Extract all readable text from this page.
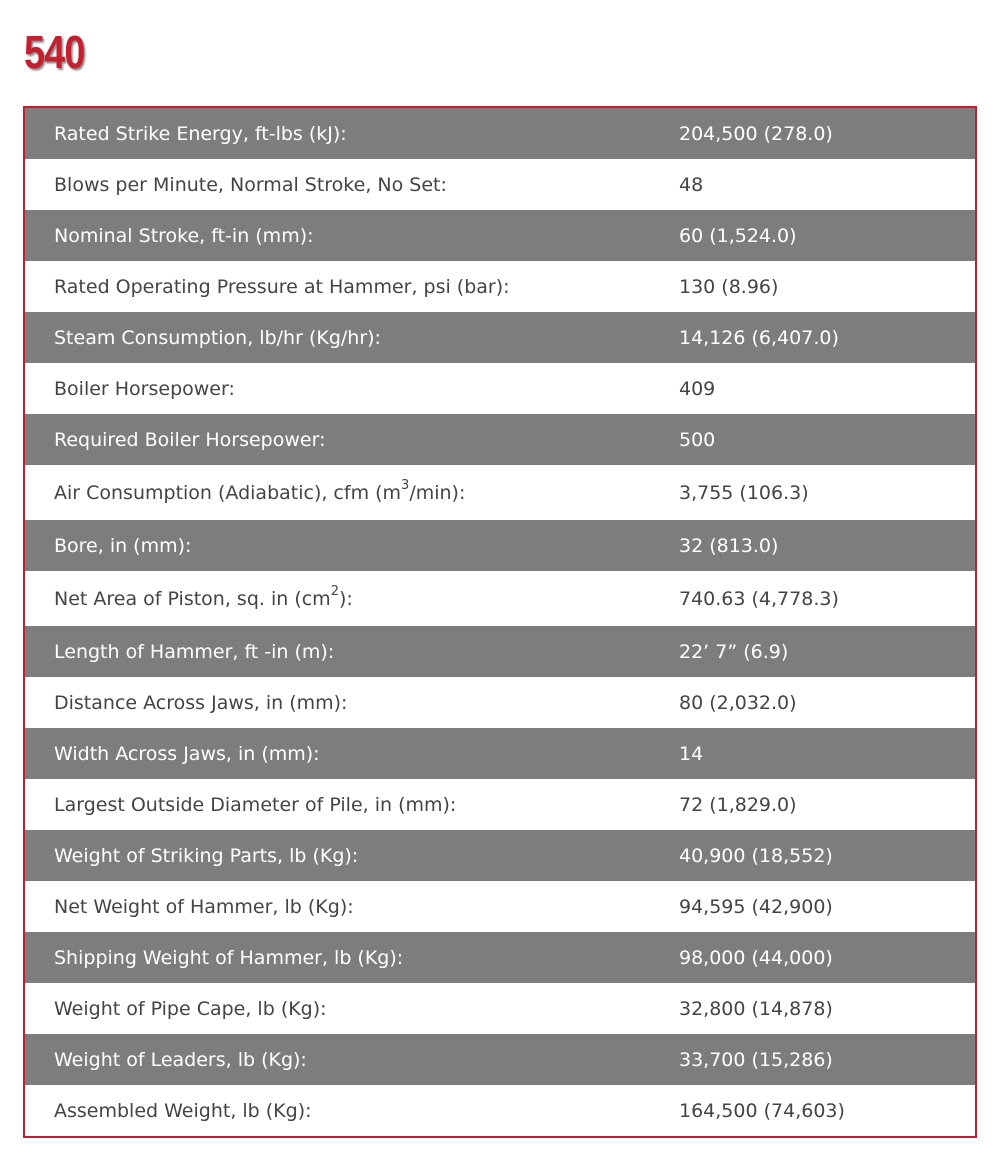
540
Rated Strike Energy, ft-lbs (kJ):	204,500 (278.0)
Blows per Minute, Normal Stroke, No Set:	48
Nominal Stroke, ft-in (mm):	60 (1,524.0)
Rated Operating Pressure at Hammer, psi (bar):	130 (8.96)
Steam Consumption, lb/hr (Kg/hr):	14,126 (6,407.0)
Boiler Horsepower:	409
Required Boiler Horsepower:	500
Air Consumption (Adiabatic), cfm $(m^3/\min)$:	3,755 (106.3)
Bore, in (mm):	32 (813.0)
Net Area of Piston, sq. in $(cm^2)$:	740.63 (4,778.3)
Length of Hammer, ft -in (m):	22’ 7” (6.9)
Distance Across Jaws, in (mm):	80 (2,032.0)
Width Across Jaws, in (mm):	14
Largest Outside Diameter of Pile, in (mm):	72 (1,829.0)
Weight of Striking Parts, lb (Kg):	40,900 (18,552)
Net Weight of Hammer, lb (Kg):	94,595 (42,900)
Shipping Weight of Hammer, lb (Kg):	98,000 (44,000)
Weight of Pipe Cape, lb (Kg):	32,800 (14,878)
Weight of Leaders, lb (Kg):	33,700 (15,286)
Assembled Weight, lb (Kg):	164,500 (74,603)
